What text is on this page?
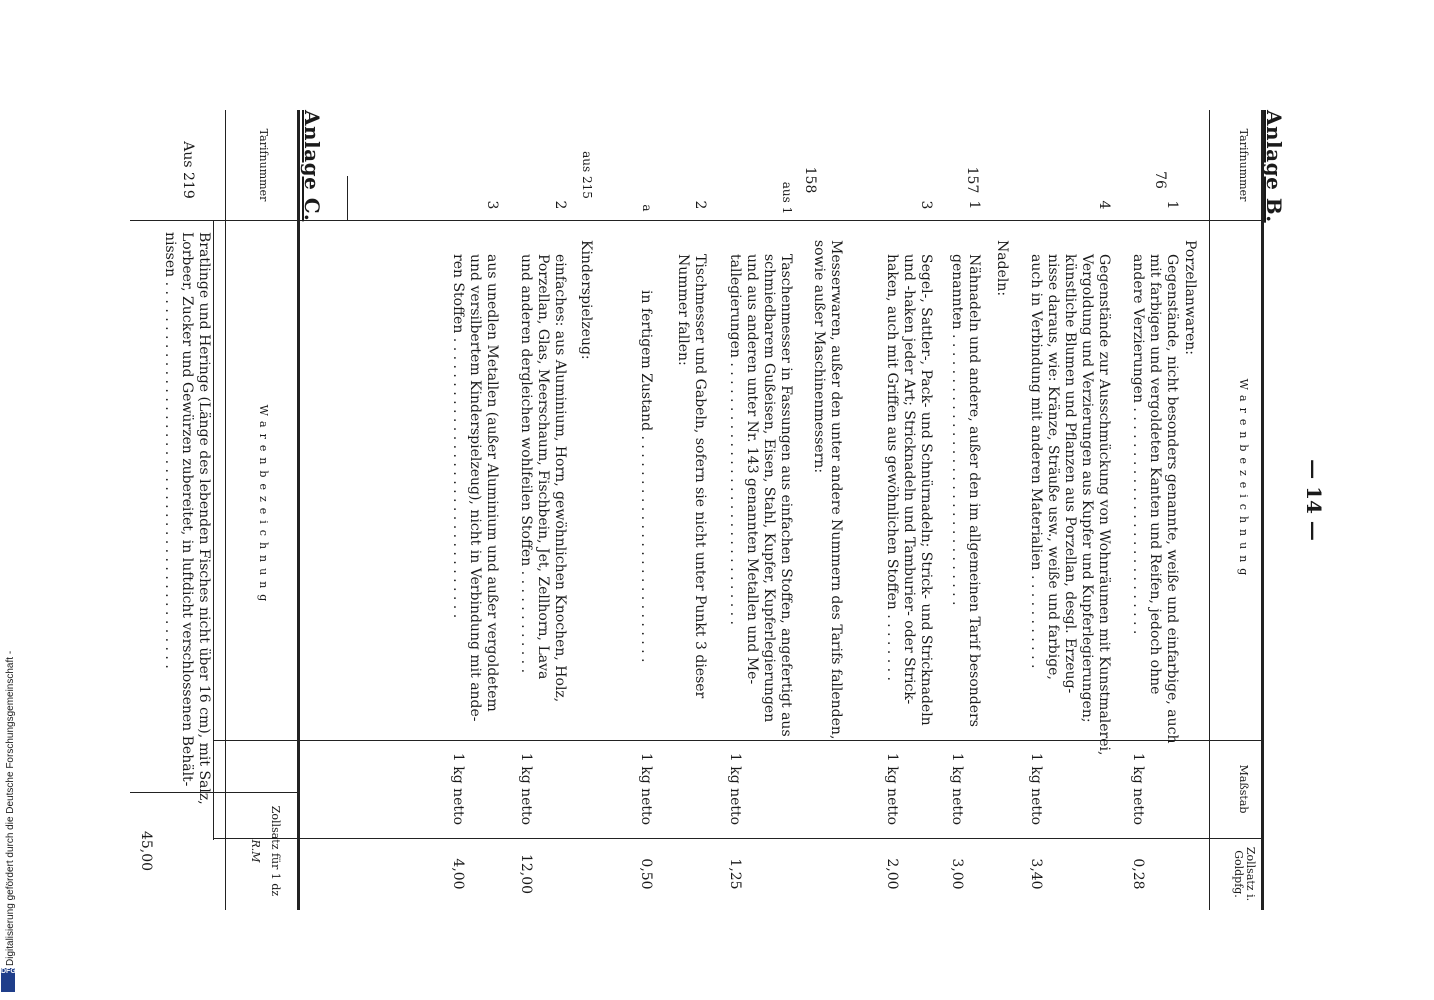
— 14 —
Anlage B.
Tarifnummer
Warenbezeichnung
Maßstab
Zollsatz i. Goldpfg.
76
Porzellanwaren:
1
Gegenstände, nicht besonders genannte, weiße und einfarbige, auch
mit farbigen und vergoldeten Kanten und Reifen, jedoch ohne
andere Verzierungen . . . . . . . . . . . . . . . . . . . . . . . . . .
1 kg netto
0,28
4
Gegenstände zur Ausschmückung von Wohnräumen mit Kunstmalerei,
Vergoldung und Verzierungen aus Kupfer und Kupferlegierungen;
künstliche Blumen und Pflanzen aus Porzellan, desgl. Erzeug-
nisse daraus, wie: Kränze, Sträuße usw., weiße und farbige,
auch in Verbindung mit anderen Materialien . . . . . . . . . . .
1 kg netto
3,40
157
Nadeln:
1
Nähnadeln und andere, außer den im allgemeinen Tarif besonders
genannten . . . . . . . . . . . . . . . . . . . . . . . . . . . . . . .
1 kg netto
3,00
3
Segel-, Sattler-, Pack- und Schnürnadeln; Strick- und Stricknadeln
und -haken jeder Art; Stricknadeln und Tamburier- oder Strick-
haken, auch mit Griffen aus gewöhnlichen Stoffen . . . . . . . .
1 kg netto
2,00
158
Messerwaren, außer den unter andere Nummern des Tarifs fallenden,
sowie außer Maschinenmessern:
aus 1
Taschenmesser in Fassungen aus einfachen Stoffen, angefertigt aus
schmiedbarem Gußeisen, Eisen, Stahl, Kupfer, Kupferlegierungen
und aus anderen unter Nr. 143 genannten Metallen und Me-
tallegierungen . . . . . . . . . . . . . . . . . . . . . . . . . . . . . .
1 kg netto
1,25
2
Tischmesser und Gabeln, sofern sie nicht unter Punkt 3 dieser
Nummer fallen:
a
in fertigem Zustand . . . . . . . . . . . . . . . . . . . . . . . . . .
1 kg netto
0,50
aus 215
Kinderspielzeug:
2
einfaches: aus Aluminium, Horn, gewöhnlichen Knochen, Holz,
Porzellan, Glas, Meerschaum, Fischbein, Jet, Zellhorn, Lava
und anderen dergleichen wohlfeilen Stoffen . . . . . . . . . . . .
1 kg netto
12,00
3
aus unedlen Metallen (außer Aluminium und außer vergoldetem
und versilbertem Kinderspielzeug), nicht in Verbindung mit ande-
ren Stoffen . . . . . . . . . . . . . . . . . . . . . . . . . . . . . . . .
1 kg netto
4,00
Anlage C.
Tarifnummer
Warenbezeichnung
Zollsatz für 1 dz
R.M
Aus 219
Bratlinge und Heringe (Länge des lebenden Fisches nicht über 16 cm), mit Salz,
Lorbeer, Zucker und Gewürzen zubereitet, in luftdicht verschlossenen Behält-
nissen . . . . . . . . . . . . . . . . . . . . . . . . . . . . . . . . . . . . . . . . . . . .
45,00
Digitalisierung gefördert durch die Deutsche Forschungsgemeinschaft -
DFG
